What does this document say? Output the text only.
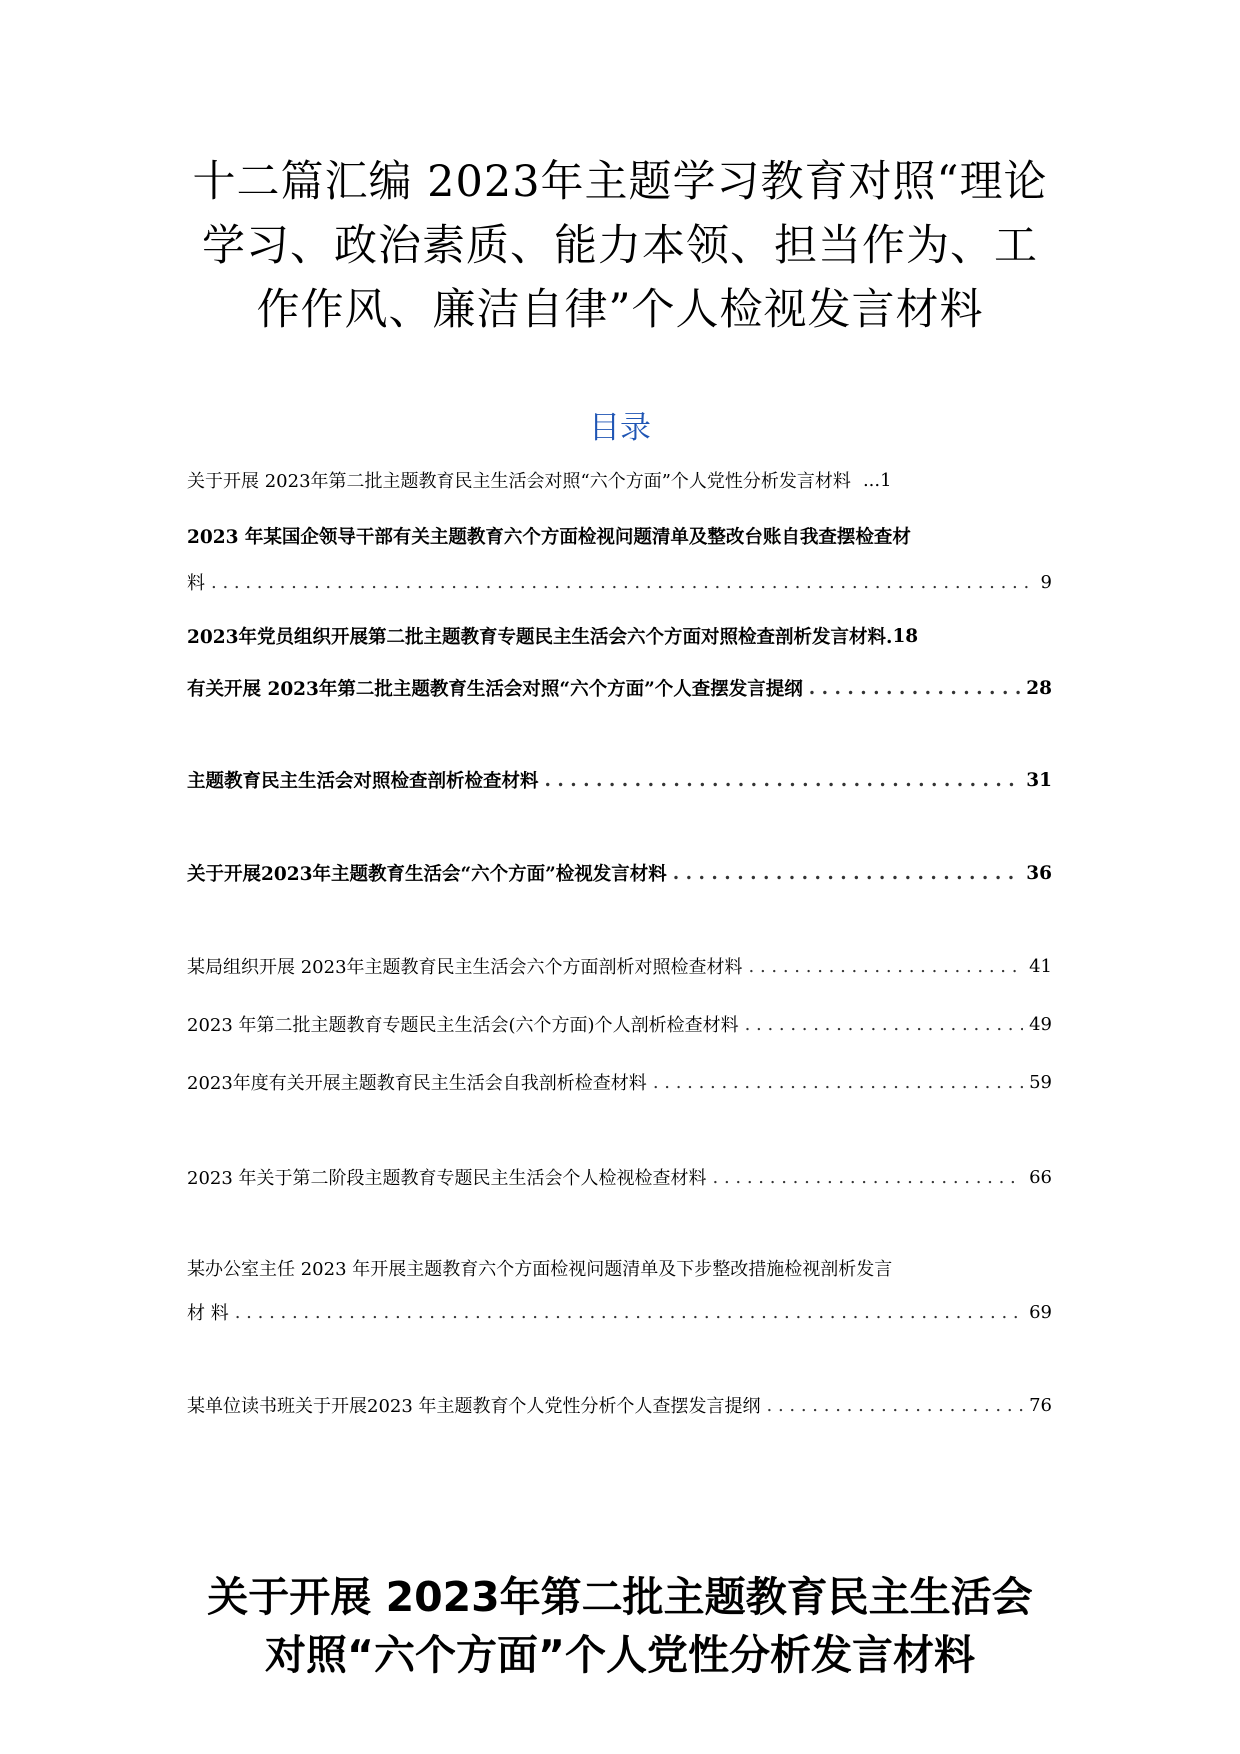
十二篇汇编 2023年主题学习教育对照“理论
学习、政治素质、能力本领、担当作为、工
作作风、廉洁自律”个人检视发言材料
目录
关于开展 2023年第二批主题教育民主生活会对照“六个方面”个人党性分析发言材料 ...1
2023 年某国企领导干部有关主题教育六个方面检视问题清单及整改台账自我查摆检查材
料 . . .	9
2023年党员组织开展第二批主题教育专题民主生活会六个方面对照检查剖析发言材料. 18
有关开展 2023年第二批主题教育生活会对照“六个方面”个人查摆发言提纲 . . .	28
主题教育民主生活会对照检查剖析检查材料 . . .	31
关于开展2023年主题教育生活会“六个方面”检视发言材料 . . .	36
某局组织开展 2023年主题教育民主生活会六个方面剖析对照检查材料 . . .	41
2023 年第二批主题教育专题民主生活会(六个方面)个人剖析检查材料 . . .	49
2023年度有关开展主题教育民主生活会自我剖析检查材料 . . .	59
2023 年关于第二阶段主题教育专题民主生活会个人检视检查材料 . . .	66
某办公室主任 2023 年开展主题教育六个方面检视问题清单及下步整改措施检视剖析发言
材 料 . . .	69
某单位读书班关于开展2023 年主题教育个人党性分析个人查摆发言提纲 . . .	76
关于开展 2023年第二批主题教育民主生活会
对照“六个方面”个人党性分析发言材料
